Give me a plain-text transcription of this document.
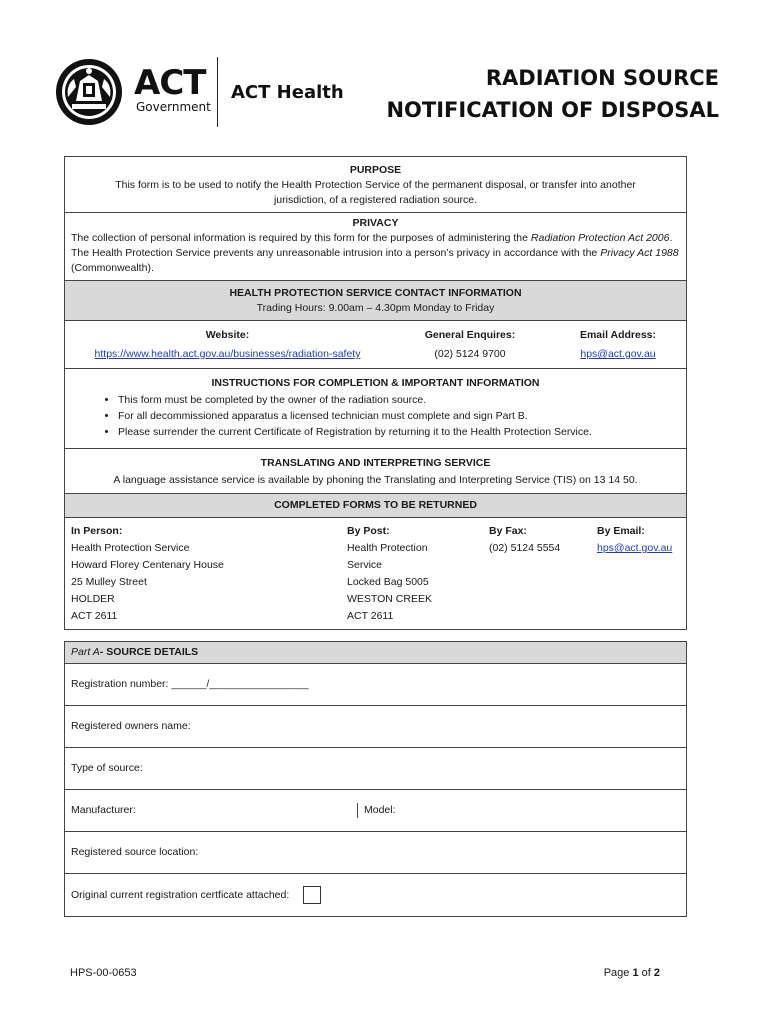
ACT
Government
ACT Health
RADIATION SOURCE
NOTIFICATION OF DISPOSAL
PURPOSE
This form is to be used to notify the Health Protection Service of the permanent disposal, or transfer into another jurisdiction, of a registered radiation source.
PRIVACY
The collection of personal information is required by this form for the purposes of administering the Radiation Protection Act 2006. The Health Protection Service prevents any unreasonable intrusion into a person’s privacy in accordance with the Privacy Act 1988 (Commonwealth).
HEALTH PROTECTION SERVICE CONTACT INFORMATION
Trading Hours: 9.00am – 4.30pm Monday to Friday
Website:
https://www.health.act.gov.au/businesses/radiation-safety
General Enquires:
(02) 5124 9700
Email Address:
hps@act.gov.au
INSTRUCTIONS FOR COMPLETION & IMPORTANT INFORMATION
• This form must be completed by the owner of the radiation source.
• For all decommissioned apparatus a licensed technician must complete and sign Part B.
• Please surrender the current Certificate of Registration by returning it to the Health Protection Service.
TRANSLATING AND INTERPRETING SERVICE
A language assistance service is available by phoning the Translating and Interpreting Service (TIS) on 13 14 50.
COMPLETED FORMS TO BE RETURNED
In Person:
Health Protection Service
Howard Florey Centenary House
25 Mulley Street
HOLDER
ACT 2611
By Post:
Health Protection
Service
Locked Bag 5005
WESTON CREEK
ACT 2611
By Fax:
(02) 5124 5554
By Email:
hps@act.gov.au
Part A - SOURCE DETAILS
Registration number: ______/_________________
Registered owners name:
Type of source:
Manufacturer:	Model:
Registered source location:
Original current registration certficate attached:
HPS-00-0653	Page 1 of 2
